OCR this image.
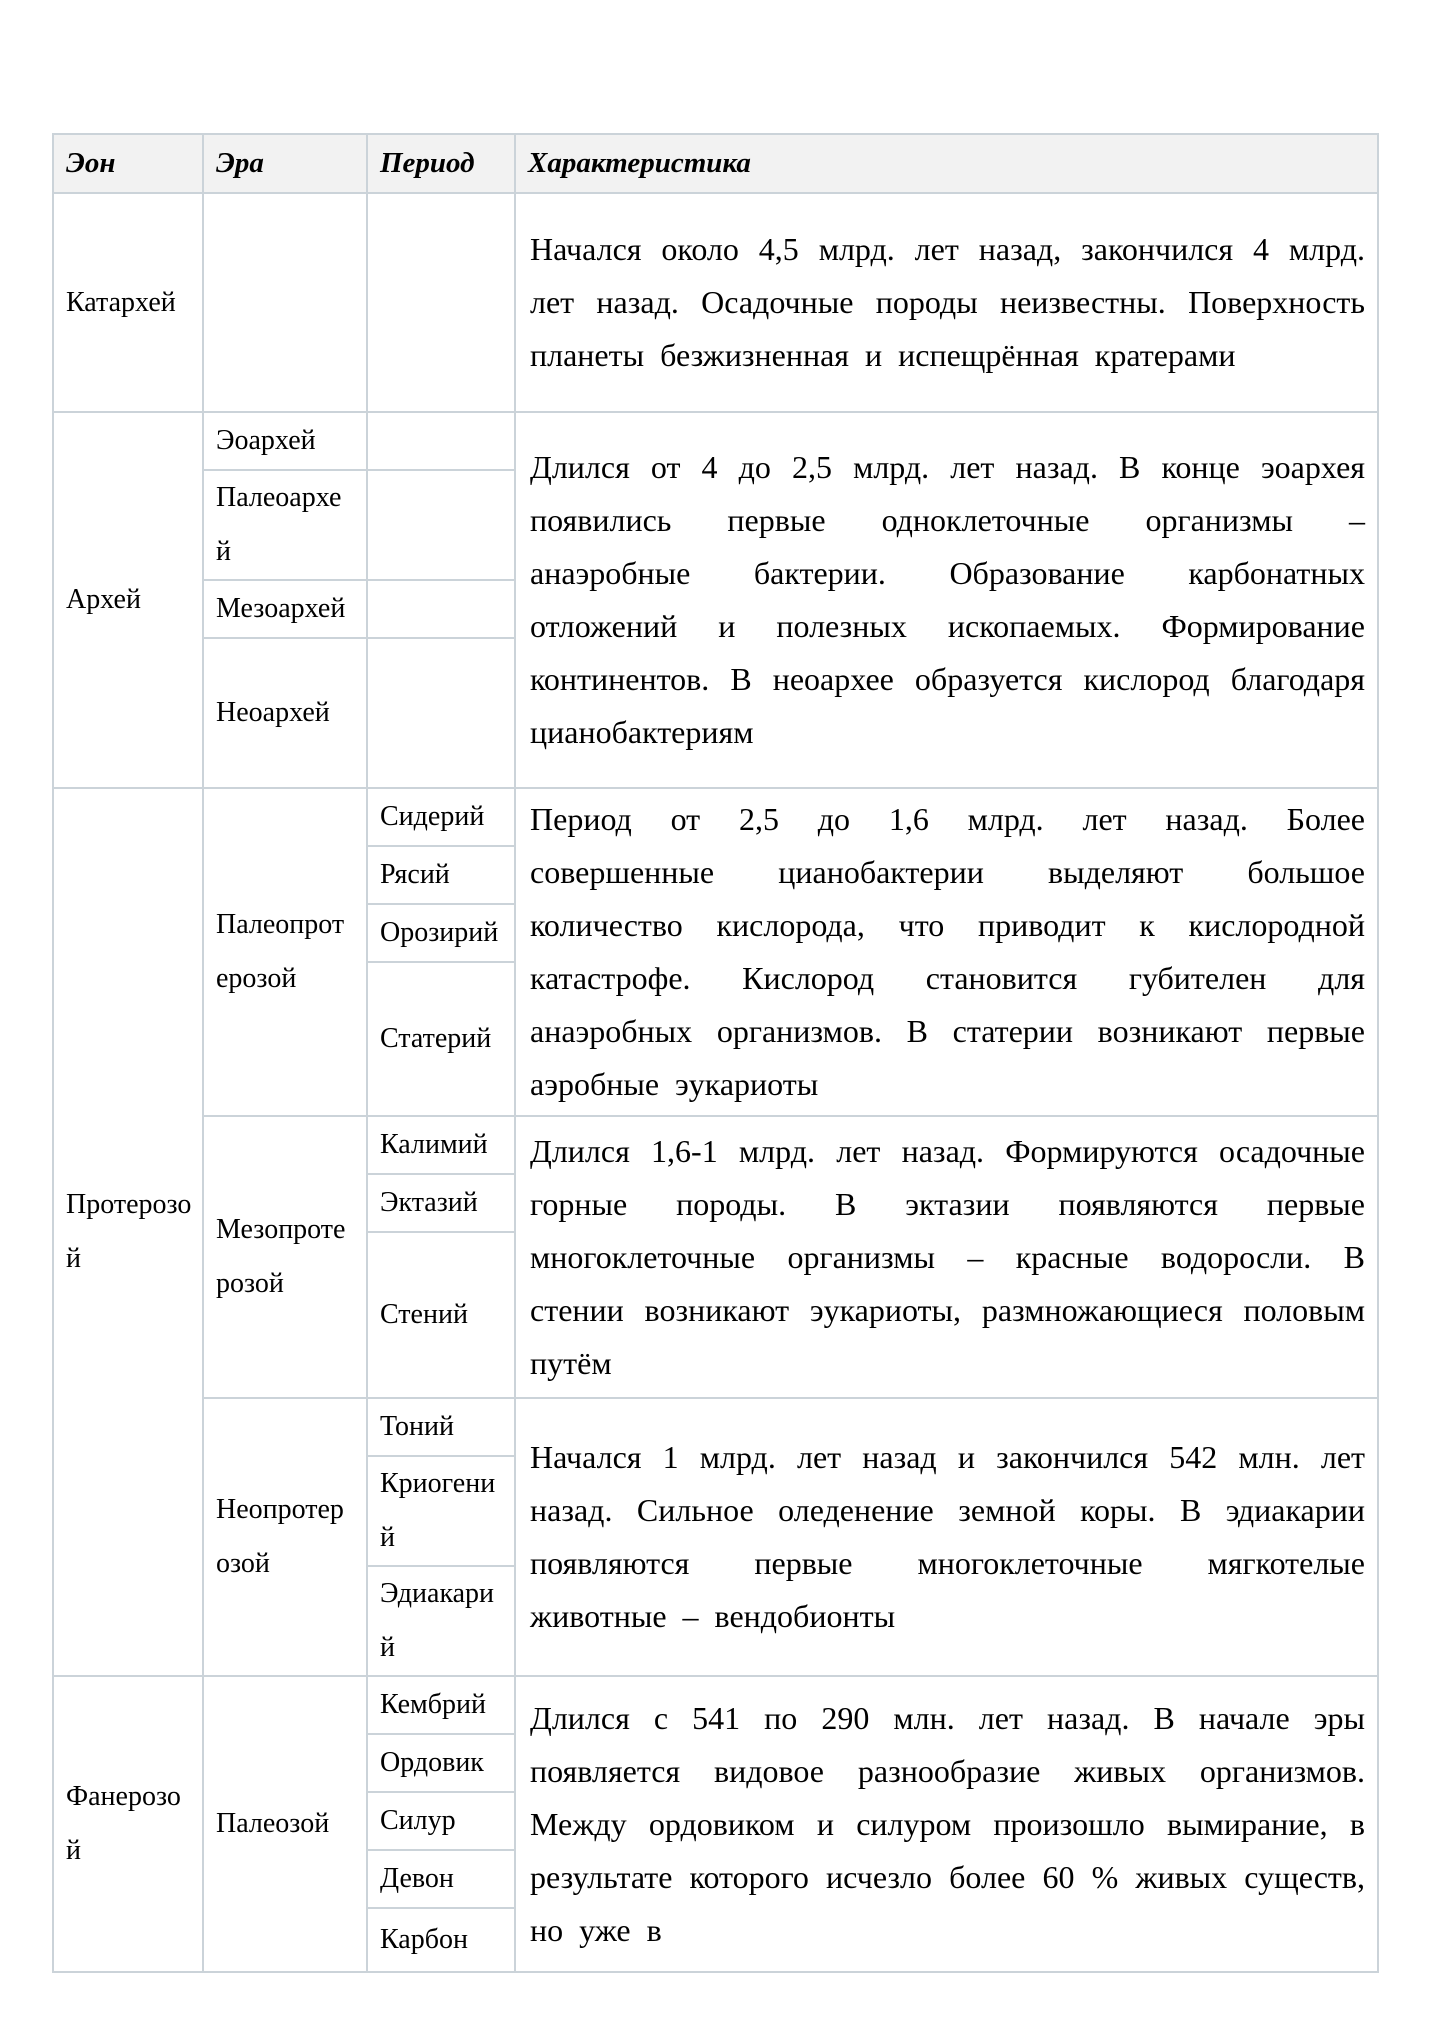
Эон	Эра	Период	Характеристика
Катархей			Начался около 4,5 млрд. лет назад, закончился 4 млрд. лет назад. Осадочные породы неизвестны. Поверхность планеты безжизненная и испещрённая кратерами
Архей	Эоархей		Длился от 4 до 2,5 млрд. лет назад. В конце эоархея появились первые одноклеточные организмы – анаэробные бактерии. Образование карбонатных отложений и полезных ископаемых. Формирование континентов. В неоархее образуется кислород благодаря цианобактериям
	Палеоархей		
	Мезоархей		
	Неоархей		
Протерозой	Палеопротерозой	Сидерий	Период от 2,5 до 1,6 млрд. лет назад. Более совершенные цианобактерии выделяют большое количество кислорода, что приводит к кислородной катастрофе. Кислород становится губителен для анаэробных организмов. В статерии возникают первые аэробные эукариоты
		Рясий	
		Орозирий	
		Статерий	
	Мезопротерозой	Калимий	Длился 1,6-1 млрд. лет назад. Формируются осадочные горные породы. В эктазии появляются первые многоклеточные организмы – красные водоросли. В стении возникают эукариоты, размножающиеся половым путём
		Эктазий	
		Стений	
	Неопротерозой	Тоний	Начался 1 млрд. лет назад и закончился 542 млн. лет назад. Сильное оледенение земной коры. В эдиакарии появляются первые многоклеточные мягкотелые животные – вендобионты
		Криогений	
		Эдиакарий	
Фанерозой	Палеозой	Кембрий	Длился с 541 по 290 млн. лет назад. В начале эры появляется видовое разнообразие живых организмов. Между ордовиком и силуром произошло вымирание, в результате которого исчезло более 60 % живых существ, но уже в
		Ордовик	
		Силур	
		Девон	
		Карбон	
